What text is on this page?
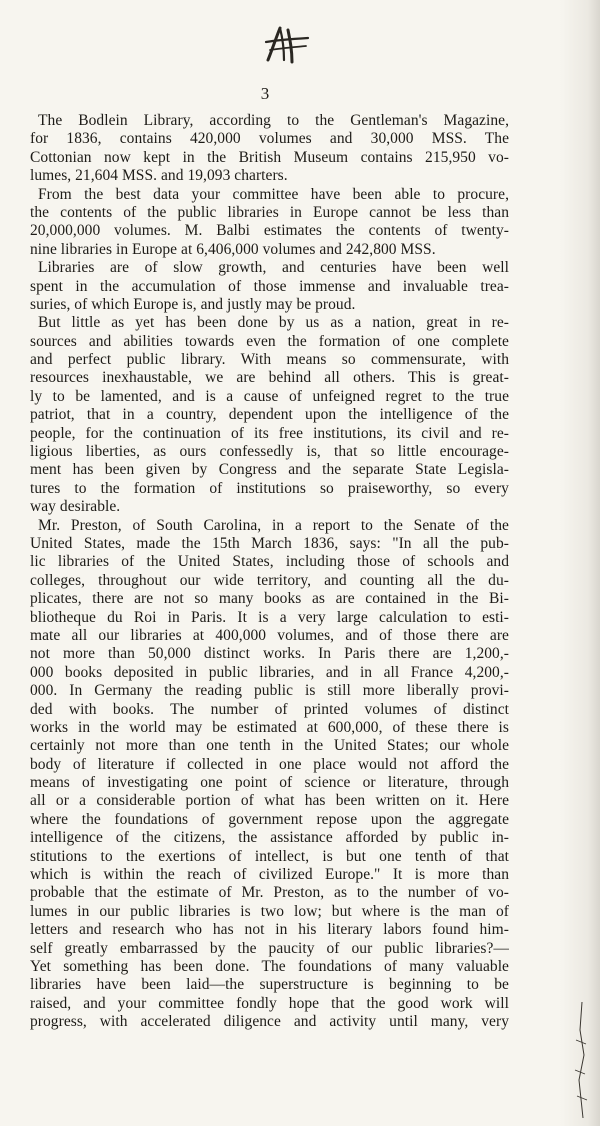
3

The Bodlein Library, according to the Gentleman's Magazine,
for 1836, contains 420,000 volumes and 30,000 MSS. The
Cottonian now kept in the British Museum contains 215,950 vo-
lumes, 21,604 MSS. and 19,093 charters.
From the best data your committee have been able to procure,
the contents of the public libraries in Europe cannot be less than
20,000,000 volumes. M. Balbi estimates the contents of twenty-
nine libraries in Europe at 6,406,000 volumes and 242,800 MSS.
Libraries are of slow growth, and centuries have been well
spent in the accumulation of those immense and invaluable trea-
suries, of which Europe is, and justly may be proud.
But little as yet has been done by us as a nation, great in re-
sources and abilities towards even the formation of one complete
and perfect public library. With means so commensurate, with
resources inexhaustable, we are behind all others. This is great-
ly to be lamented, and is a cause of unfeigned regret to the true
patriot, that in a country, dependent upon the intelligence of the
people, for the continuation of its free institutions, its civil and re-
ligious liberties, as ours confessedly is, that so little encourage-
ment has been given by Congress and the separate State Legisla-
tures to the formation of institutions so praiseworthy, so every
way desirable.
Mr. Preston, of South Carolina, in a report to the Senate of the
United States, made the 15th March 1836, says: "In all the pub-
lic libraries of the United States, including those of schools and
colleges, throughout our wide territory, and counting all the du-
plicates, there are not so many books as are contained in the Bi-
bliotheque du Roi in Paris. It is a very large calculation to esti-
mate all our libraries at 400,000 volumes, and of those there are
not more than 50,000 distinct works. In Paris there are 1,200,-
000 books deposited in public libraries, and in all France 4,200,-
000. In Germany the reading public is still more liberally provi-
ded with books. The number of printed volumes of distinct
works in the world may be estimated at 600,000, of these there is
certainly not more than one tenth in the United States; our whole
body of literature if collected in one place would not afford the
means of investigating one point of science or literature, through
all or a considerable portion of what has been written on it. Here
where the foundations of government repose upon the aggregate
intelligence of the citizens, the assistance afforded by public in-
stitutions to the exertions of intellect, is but one tenth of that
which is within the reach of civilized Europe." It is more than
probable that the estimate of Mr. Preston, as to the number of vo-
lumes in our public libraries is two low; but where is the man of
letters and research who has not in his literary labors found him-
self greatly embarrassed by the paucity of our public libraries?—
Yet something has been done. The foundations of many valuable
libraries have been laid—the superstructure is beginning to be
raised, and your committee fondly hope that the good work will
progress, with accelerated diligence and activity until many, very
